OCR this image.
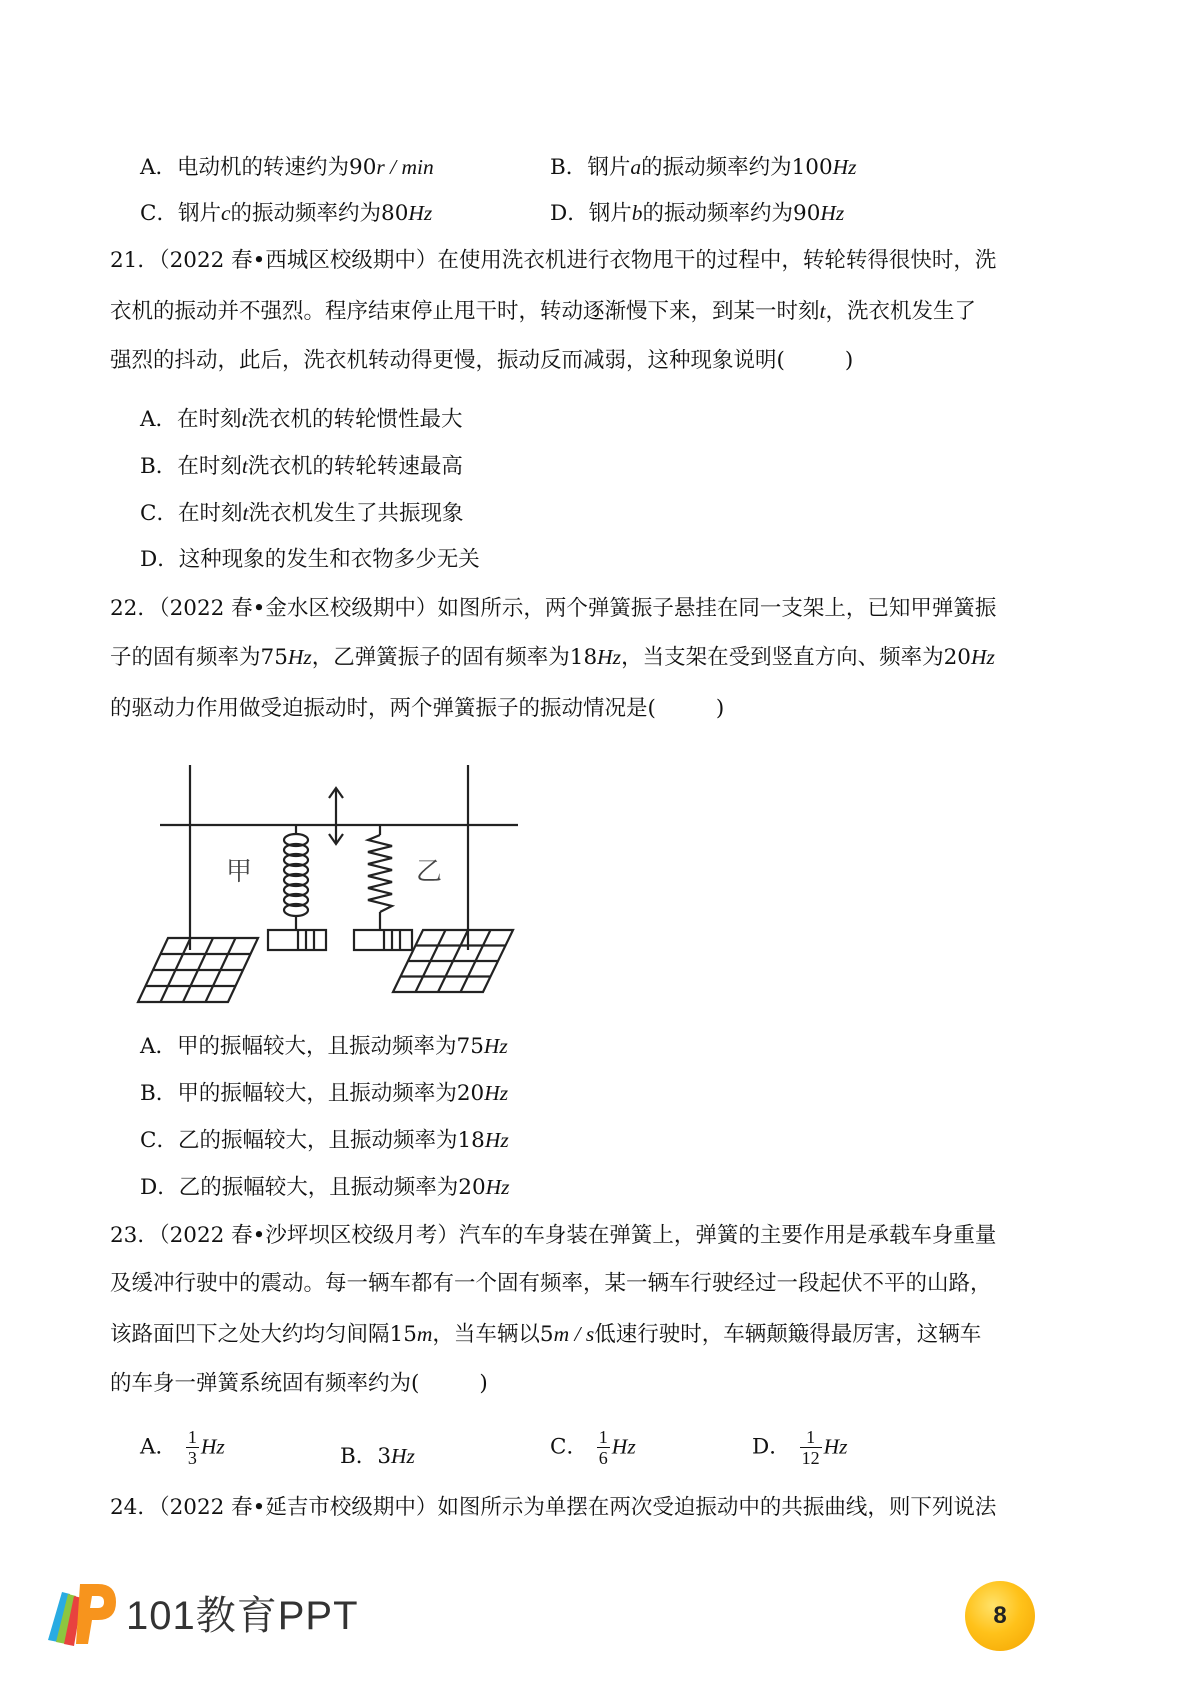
A．电动机的转速约为90r / min	B．钢片a的振动频率约为100Hz
C．钢片c的振动频率约为80Hz	D．钢片b的振动频率约为90Hz
21．（2022 春•西城区校级期中）在使用洗衣机进行衣物甩干的过程中，转轮转得很快时，洗
衣机的振动并不强烈。程序结束停止甩干时，转动逐渐慢下来，到某一时刻t，洗衣机发生了
强烈的抖动，此后，洗衣机转动得更慢，振动反而减弱，这种现象说明(	)
A．在时刻t洗衣机的转轮惯性最大
B．在时刻t洗衣机的转轮转速最高
C．在时刻t洗衣机发生了共振现象
D．这种现象的发生和衣物多少无关
22．（2022 春•金水区校级期中）如图所示，两个弹簧振子悬挂在同一支架上，已知甲弹簧振
子的固有频率为75Hz，乙弹簧振子的固有频率为18Hz，当支架在受到竖直方向、频率为20Hz
的驱动力作用做受迫振动时，两个弹簧振子的振动情况是(	)
甲	乙
A．甲的振幅较大，且振动频率为75Hz
B．甲的振幅较大，且振动频率为20Hz
C．乙的振幅较大，且振动频率为18Hz
D．乙的振幅较大，且振动频率为20Hz
23．（2022 春•沙坪坝区校级月考）汽车的车身装在弹簧上，弹簧的主要作用是承载车身重量
及缓冲行驶中的震动。每一辆车都有一个固有频率，某一辆车行驶经过一段起伏不平的山路，
该路面凹下之处大约均匀间隔15m，当车辆以5m / s低速行驶时，车辆颠簸得最厉害，这辆车
的车身一弹簧系统固有频率约为(	)
A． $\frac{1}{3}$ Hz	B．3Hz	C． $\frac{1}{6}$ Hz	D． $\frac{1}{12}$ Hz
24．（2022 春•延吉市校级期中）如图所示为单摆在两次受迫振动中的共振曲线，则下列说法
101教育PPT	8
